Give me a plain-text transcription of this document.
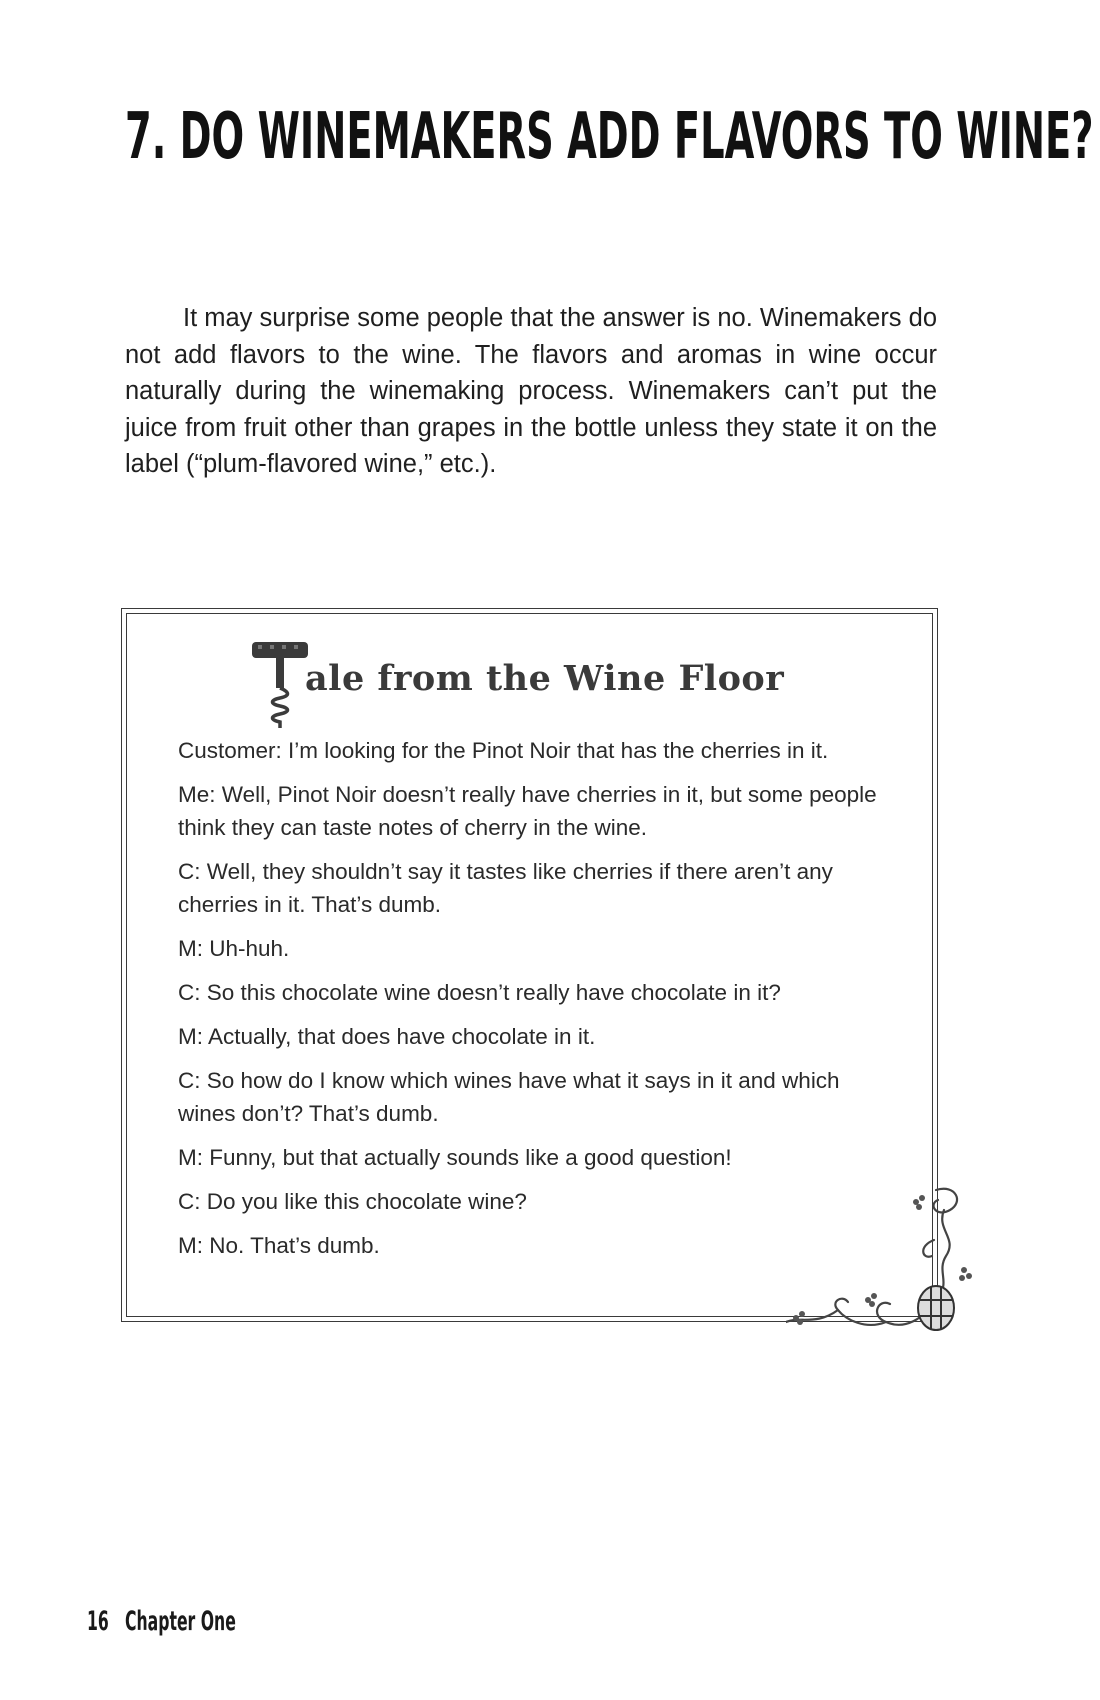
7. DO WINEMAKERS ADD FLAVORS TO WINE?

It may surprise some people that the answer is no. Winemakers do not add flavors to the wine. The flavors and aromas in wine occur naturally during the winemaking process. Winemakers can’t put the juice from fruit other than grapes in the bottle unless they state it on the label (“plum-flavored wine,” etc.).

ale from the Wine Floor
Customer: I’m looking for the Pinot Noir that has the cherries in it.
Me: Well, Pinot Noir doesn’t really have cherries in it, but some people think they can taste notes of cherry in the wine.
C: Well, they shouldn’t say it tastes like cherries if there aren’t any cherries in it. That’s dumb.
M: Uh-huh.
C: So this chocolate wine doesn’t really have chocolate in it?
M: Actually, that does have chocolate in it.
C: So how do I know which wines have what it says in it and which wines don’t? That’s dumb.
M: Funny, but that actually sounds like a good question!
C: Do you like this chocolate wine?
M: No. That’s dumb.
16 Chapter One
